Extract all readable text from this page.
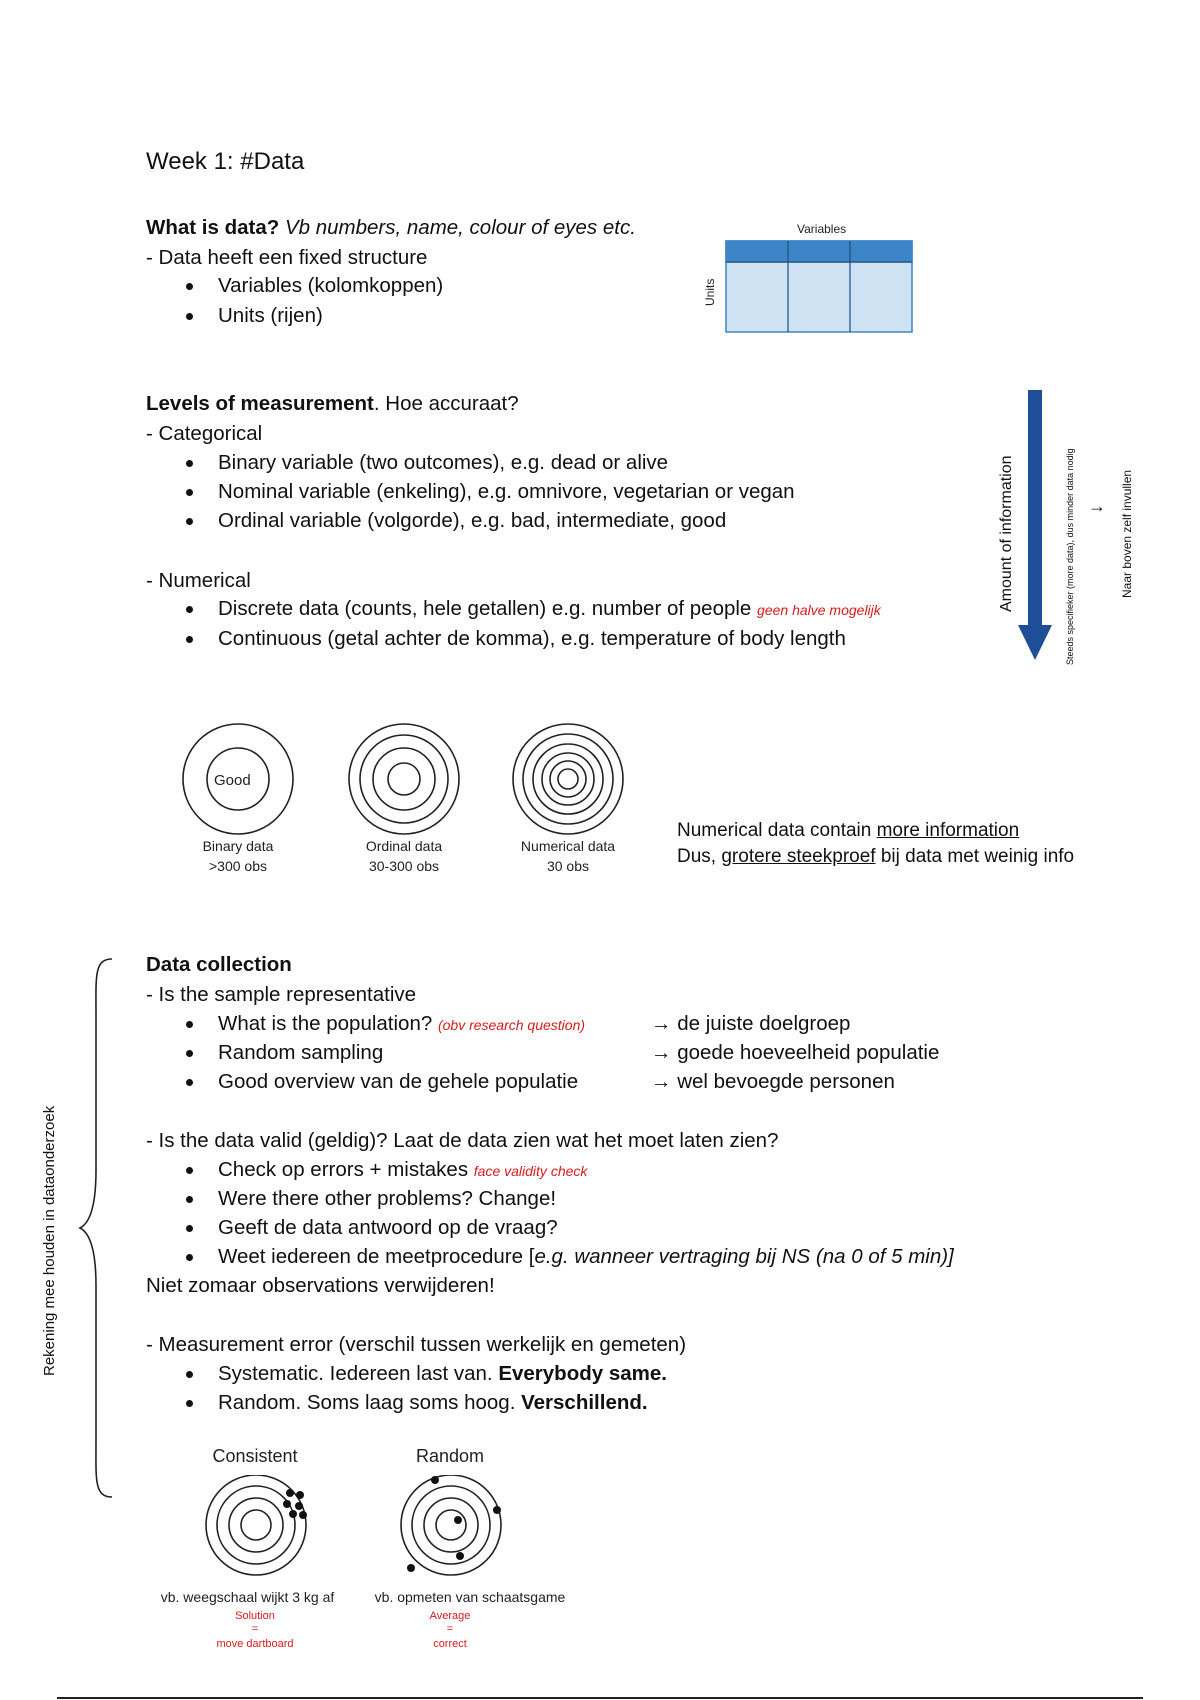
Week 1: #Data
What is data? Vb numbers, name, colour of eyes etc.
- Data heeft een fixed structure
Variables (kolomkoppen)
Units (rijen)
Variables
Units
Levels of measurement. Hoe accuraat?
- Categorical
Binary variable (two outcomes), e.g. dead or alive
Nominal variable (enkeling), e.g. omnivore, vegetarian or vegan
Ordinal variable (volgorde), e.g. bad, intermediate, good
- Numerical
Discrete data (counts, hele getallen) e.g. number of people geen halve mogelijk
Continuous (getal achter de komma), e.g. temperature of body length
Amount of information	Steeds specifieker (more data), dus minder data nodig → Naar boven zelf invullen
Good
Binary data
>300 obs
Ordinal data
30-300 obs
Numerical data
30 obs
Numerical data contain more information
Dus, grotere steekproef bij data met weinig info
Rekening mee houden in dataonderzoek
Data collection
- Is the sample representative
What is the population? (obv research question)	→ de juiste doelgroep
Random sampling	→ goede hoeveelheid populatie
Good overview van de gehele populatie	→ wel bevoegde personen
- Is the data valid (geldig)? Laat de data zien wat het moet laten zien?
Check op errors + mistakes face validity check
Were there other problems? Change!
Geeft de data antwoord op de vraag?
Weet iedereen de meetprocedure [e.g. wanneer vertraging bij NS (na 0 of 5 min)]
Niet zomaar observations verwijderen!
- Measurement error (verschil tussen werkelijk en gemeten)
Systematic. Iedereen last van. Everybody same.
Random. Soms laag soms hoog. Verschillend.
Consistent	Random
vb. weegschaal wijkt 3 kg af	vb. opmeten van schaatsgame
Solution
=
move dartboard
Average
=
correct
